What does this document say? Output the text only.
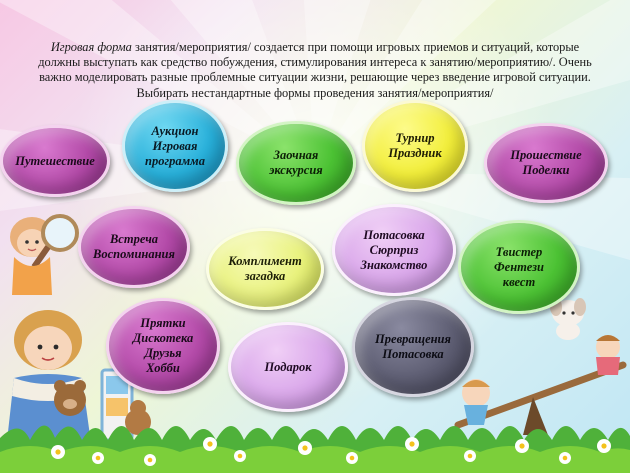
Игровая форма занятия/мероприятия/ создается при помощи игровых приемов и ситуаций, которые должны выступать как средство побуждения, стимулирования интереса к занятию/мероприятию/. Очень важно моделировать разные проблемные ситуации жизни, решающие через введение игровой ситуации. Выбирать нестандартные формы проведения занятия/мероприятия/
Путешествие
Аукцион
Игровая
программа	Заочная
экскурсия
Турнир
Праздник	Прошествие
Поделки
Встреча
Воспоминания	Комплимент
загадка
Потасовка
Сюрприз
Знакомство
Твистер
Фентези
квест
Прятки
Дискотека
Друзья
Хобби	Подарок
Превращения
Потасовка
